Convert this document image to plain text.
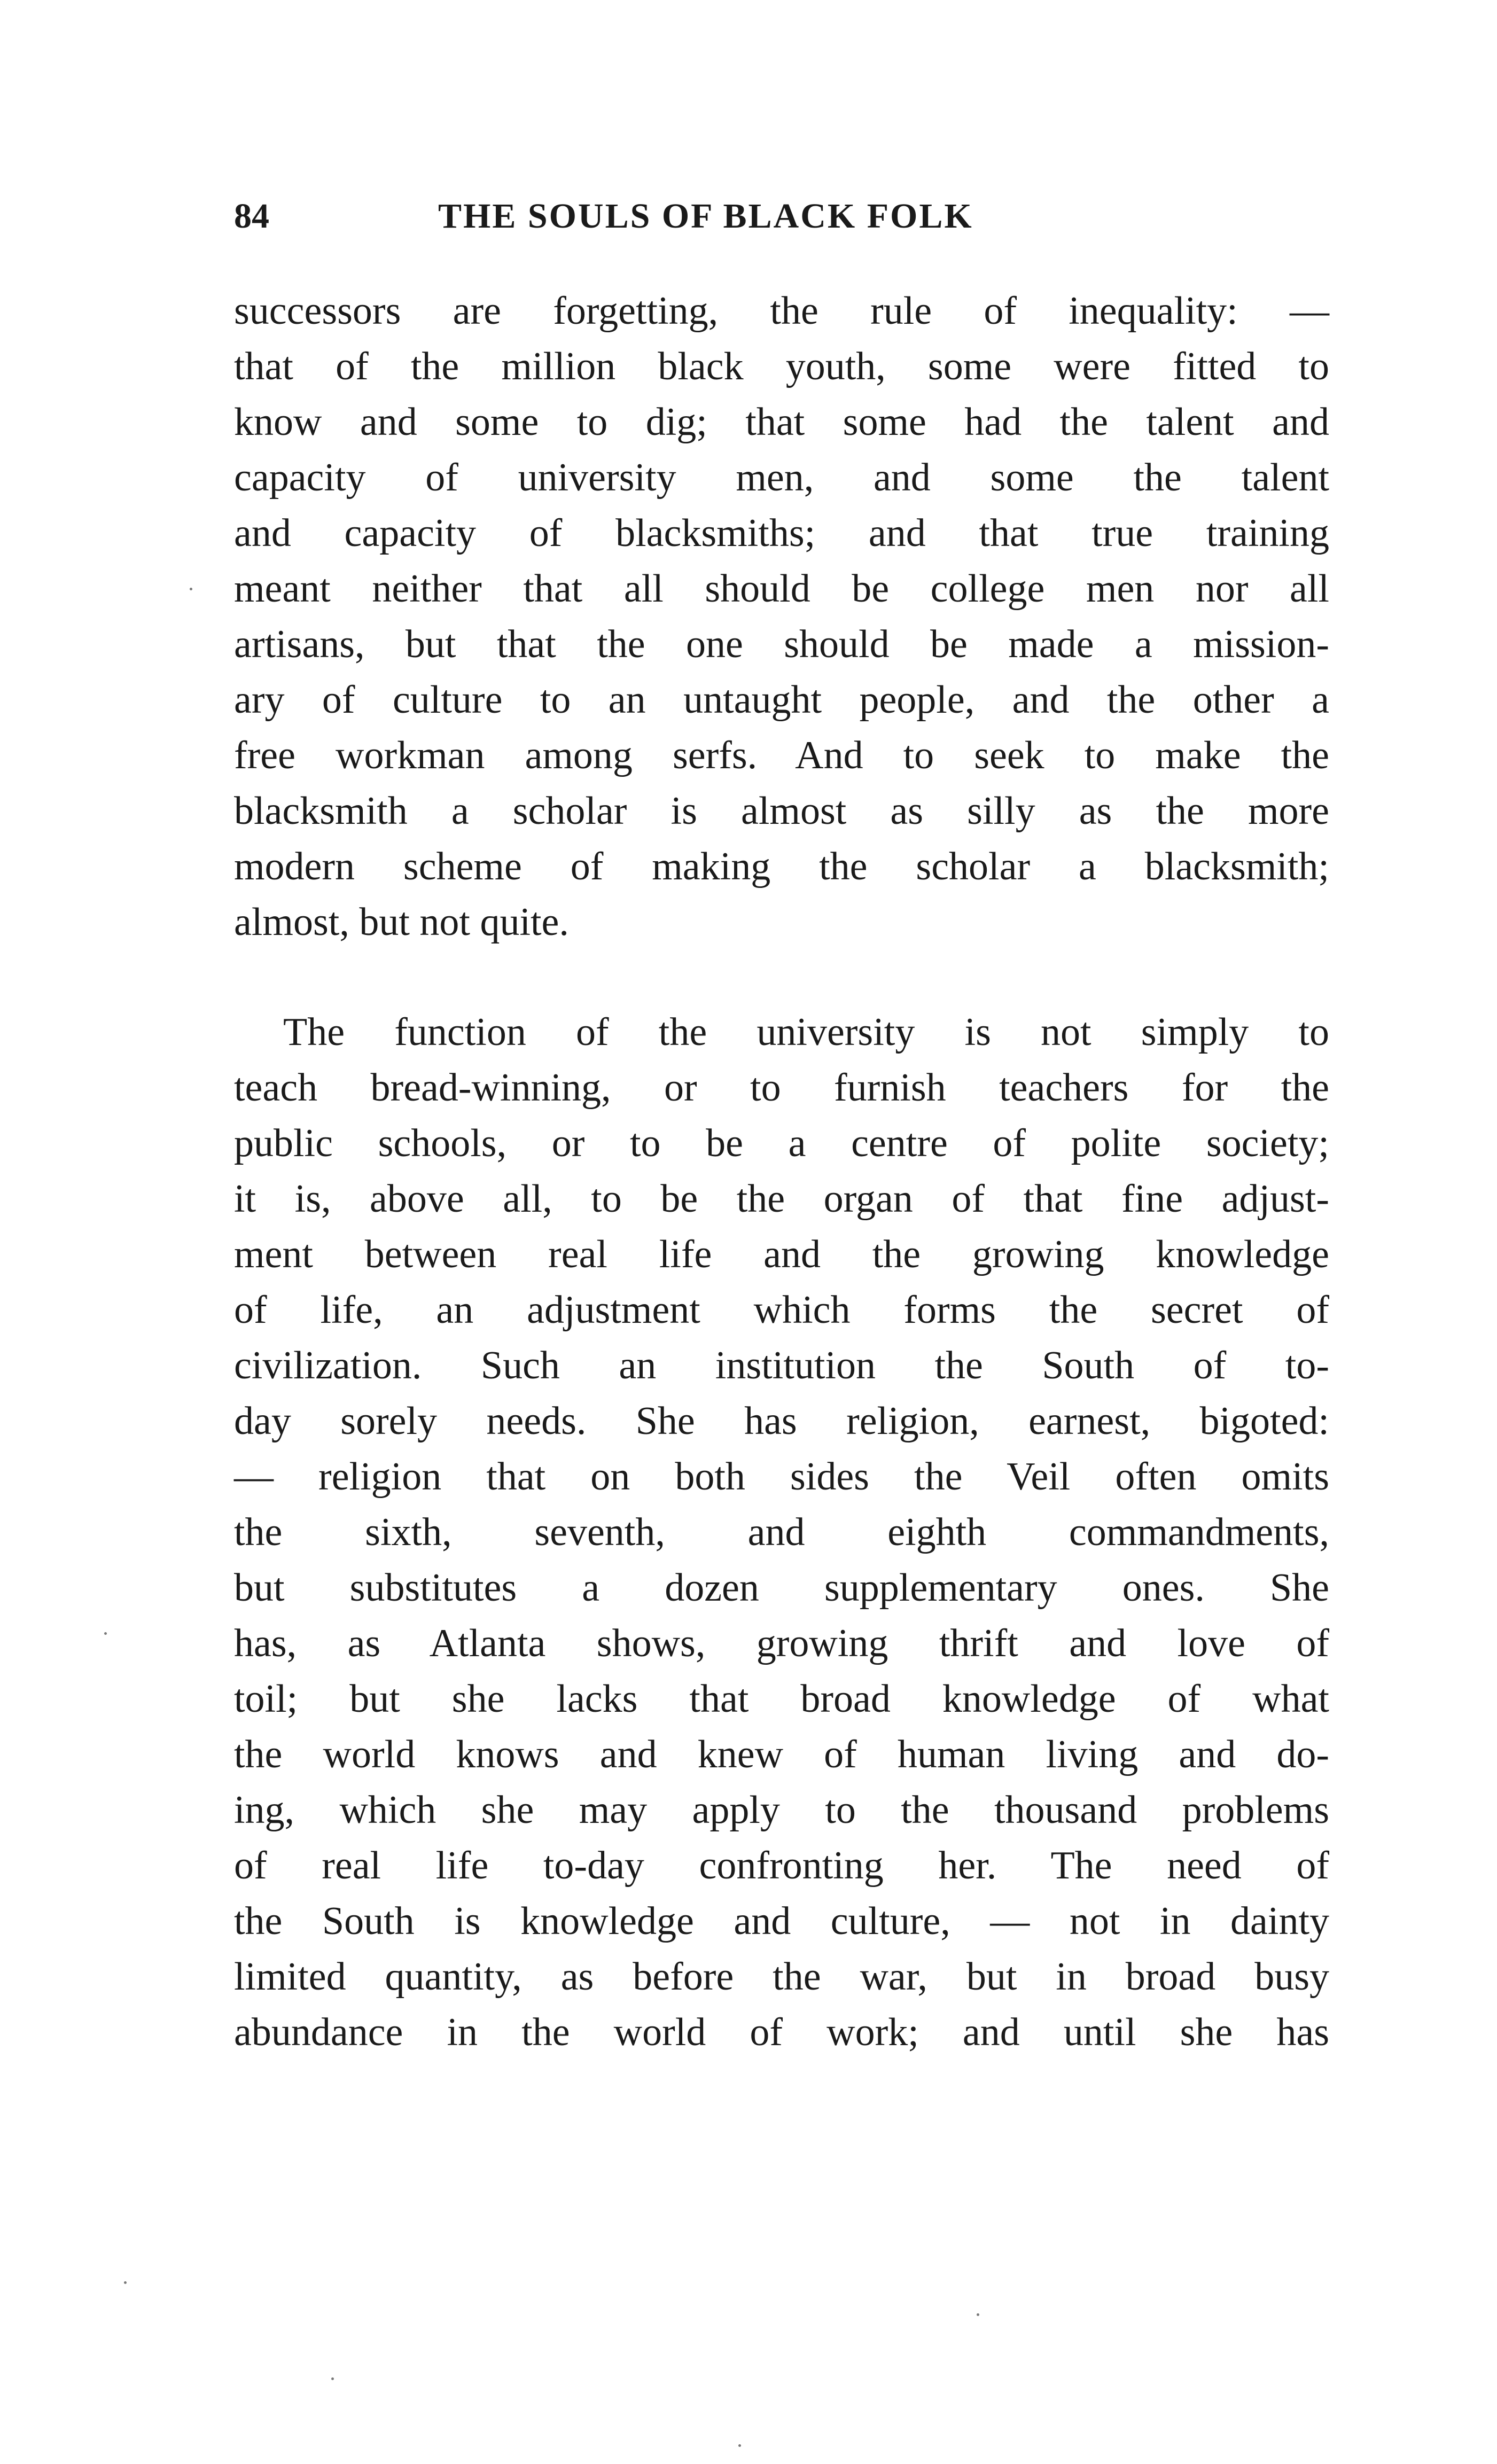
84	THE SOULS OF BLACK FOLK
successors are forgetting, the rule of inequality: —
that of the million black youth, some were fitted to
know and some to dig; that some had the talent and
capacity of university men, and some the talent
and capacity of blacksmiths; and that true training
meant neither that all should be college men nor all
artisans, but that the one should be made a mission-
ary of culture to an untaught people, and the other a
free workman among serfs. And to seek to make the
blacksmith a scholar is almost as silly as the more
modern scheme of making the scholar a blacksmith;
almost, but not quite.
The function of the university is not simply to
teach bread-winning, or to furnish teachers for the
public schools, or to be a centre of polite society;
it is, above all, to be the organ of that fine adjust-
ment between real life and the growing knowledge
of life, an adjustment which forms the secret of
civilization. Such an institution the South of to-
day sorely needs. She has religion, earnest, bigoted:
— religion that on both sides the Veil often omits
the sixth, seventh, and eighth commandments,
but substitutes a dozen supplementary ones. She
has, as Atlanta shows, growing thrift and love of
toil; but she lacks that broad knowledge of what
the world knows and knew of human living and do-
ing, which she may apply to the thousand problems
of real life to-day confronting her. The need of
the South is knowledge and culture, — not in dainty
limited quantity, as before the war, but in broad busy
abundance in the world of work; and until she has
